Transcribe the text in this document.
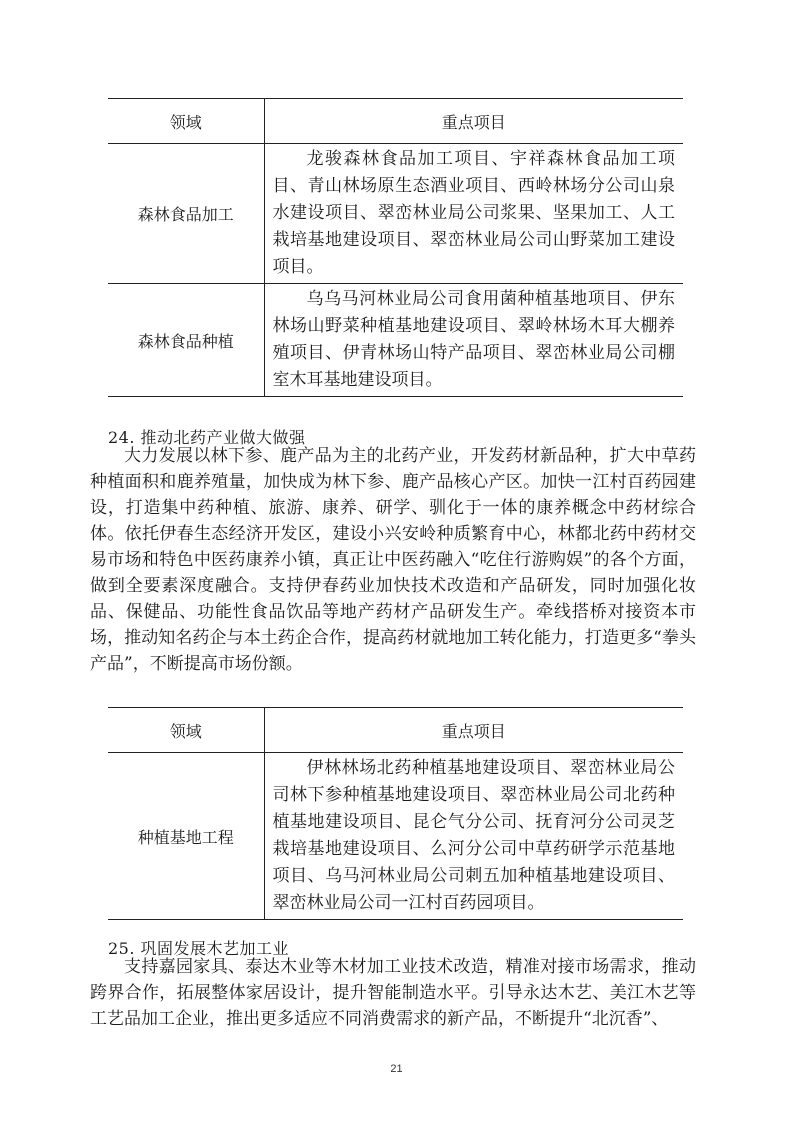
领域	重点项目
森林食品加工	龙骏森林食品加工项目、宇祥森林食品加工项目、青山林场原生态酒业项目、西岭林场分公司山泉水建设项目、翠峦林业局公司浆果、坚果加工、人工栽培基地建设项目、翠峦林业局公司山野菜加工建设项目。
森林食品种植	乌乌马河林业局公司食用菌种植基地项目、伊东林场山野菜种植基地建设项目、翠岭林场木耳大棚养殖项目、伊青林场山特产品项目、翠峦林业局公司棚室木耳基地建设项目。
24. 推动北药产业做大做强

大力发展以林下参、鹿产品为主的北药产业，开发药材新品种，扩大中草药种植面积和鹿养殖量，加快成为林下参、鹿产品核心产区。加快一江村百药园建设，打造集中药种植、旅游、康养、研学、驯化于一体的康养概念中药材综合体。依托伊春生态经济开发区，建设小兴安岭种质繁育中心，林都北药中药材交易市场和特色中医药康养小镇，真正让中医药融入“吃住行游购娱”的各个方面，做到全要素深度融合。支持伊春药业加快技术改造和产品研发，同时加强化妆品、保健品、功能性食品饮品等地产药材产品研发生产。牵线搭桥对接资本市场，推动知名药企与本土药企合作，提高药材就地加工转化能力，打造更多“拳头产品”，不断提高市场份额。

领域	重点项目
种植基地工程	伊林林场北药种植基地建设项目、翠峦林业局公司林下参种植基地建设项目、翠峦林业局公司北药种植基地建设项目、昆仑气分公司、抚育河分公司灵芝栽培基地建设项目、么河分公司中草药研学示范基地项目、乌马河林业局公司刺五加种植基地建设项目、翠峦林业局公司一江村百药园项目。
25. 巩固发展木艺加工业

支持嘉园家具、泰达木业等木材加工业技术改造，精准对接市场需求，推动跨界合作，拓展整体家居设计，提升智能制造水平。引导永达木艺、美江木艺等工艺品加工企业，推出更多适应不同消费需求的新产品，不断提升“北沉香”、

21
